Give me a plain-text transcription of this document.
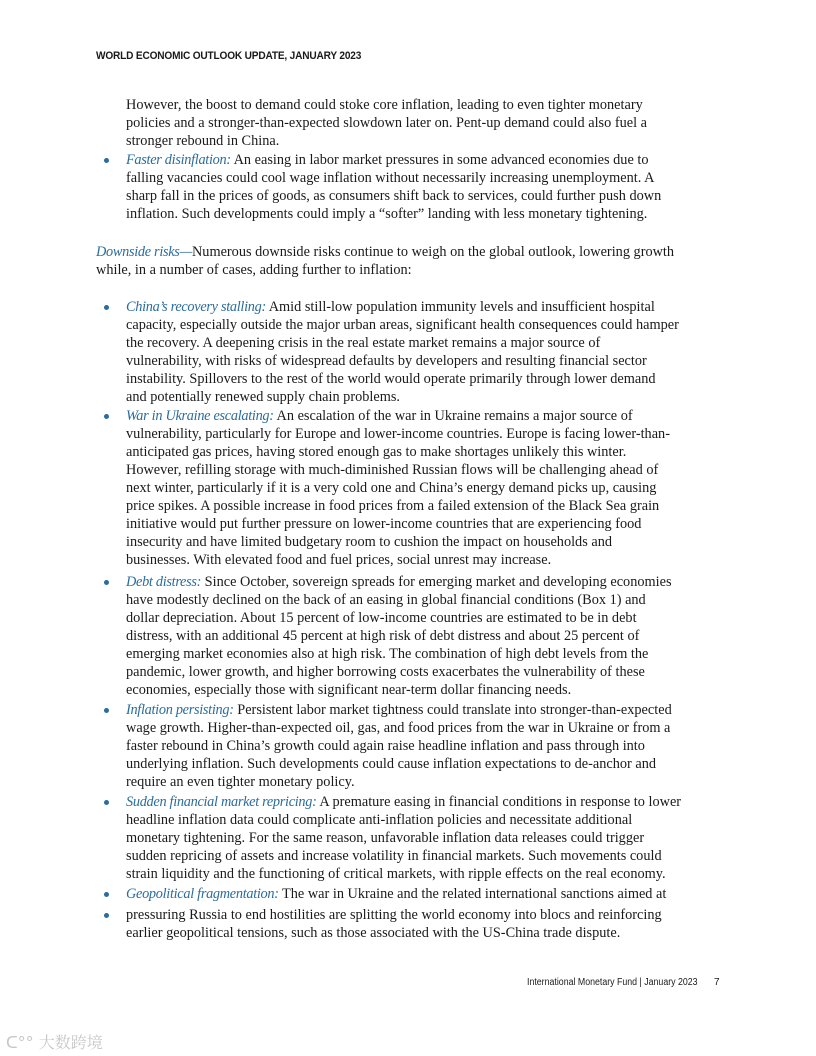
WORLD ECONOMIC OUTLOOK UPDATE, JANUARY 2023
However, the boost to demand could stoke core inflation, leading to even tighter monetary
policies and a stronger-than-expected slowdown later on. Pent-up demand could also fuel a
stronger rebound in China.
Faster disinflation: An easing in labor market pressures in some advanced economies due to
falling vacancies could cool wage inflation without necessarily increasing unemployment. A
sharp fall in the prices of goods, as consumers shift back to services, could further push down
inflation. Such developments could imply a “softer” landing with less monetary tightening.
Downside risks—Numerous downside risks continue to weigh on the global outlook, lowering growth
while, in a number of cases, adding further to inflation:
China’s recovery stalling: Amid still-low population immunity levels and insufficient hospital
capacity, especially outside the major urban areas, significant health consequences could hamper
the recovery. A deepening crisis in the real estate market remains a major source of
vulnerability, with risks of widespread defaults by developers and resulting financial sector
instability. Spillovers to the rest of the world would operate primarily through lower demand
and potentially renewed supply chain problems.
War in Ukraine escalating: An escalation of the war in Ukraine remains a major source of
vulnerability, particularly for Europe and lower-income countries. Europe is facing lower-than-
anticipated gas prices, having stored enough gas to make shortages unlikely this winter.
However, refilling storage with much-diminished Russian flows will be challenging ahead of
next winter, particularly if it is a very cold one and China’s energy demand picks up, causing
price spikes. A possible increase in food prices from a failed extension of the Black Sea grain
initiative would put further pressure on lower-income countries that are experiencing food
insecurity and have limited budgetary room to cushion the impact on households and
businesses. With elevated food and fuel prices, social unrest may increase.
Debt distress: Since October, sovereign spreads for emerging market and developing economies
have modestly declined on the back of an easing in global financial conditions (Box 1) and
dollar depreciation. About 15 percent of low-income countries are estimated to be in debt
distress, with an additional 45 percent at high risk of debt distress and about 25 percent of
emerging market economies also at high risk. The combination of high debt levels from the
pandemic, lower growth, and higher borrowing costs exacerbates the vulnerability of these
economies, especially those with significant near-term dollar financing needs.
Inflation persisting: Persistent labor market tightness could translate into stronger-than-expected
wage growth. Higher-than-expected oil, gas, and food prices from the war in Ukraine or from a
faster rebound in China’s growth could again raise headline inflation and pass through into
underlying inflation. Such developments could cause inflation expectations to de-anchor and
require an even tighter monetary policy.
Sudden financial market repricing: A premature easing in financial conditions in response to lower
headline inflation data could complicate anti-inflation policies and necessitate additional
monetary tightening. For the same reason, unfavorable inflation data releases could trigger
sudden repricing of assets and increase volatility in financial markets. Such movements could
strain liquidity and the functioning of critical markets, with ripple effects on the real economy.
Geopolitical fragmentation: The war in Ukraine and the related international sanctions aimed at
pressuring Russia to end hostilities are splitting the world economy into blocs and reinforcing
earlier geopolitical tensions, such as those associated with the US-China trade dispute.
International Monetary Fund | January 2023 7
ᑕ°° 大数跨境
